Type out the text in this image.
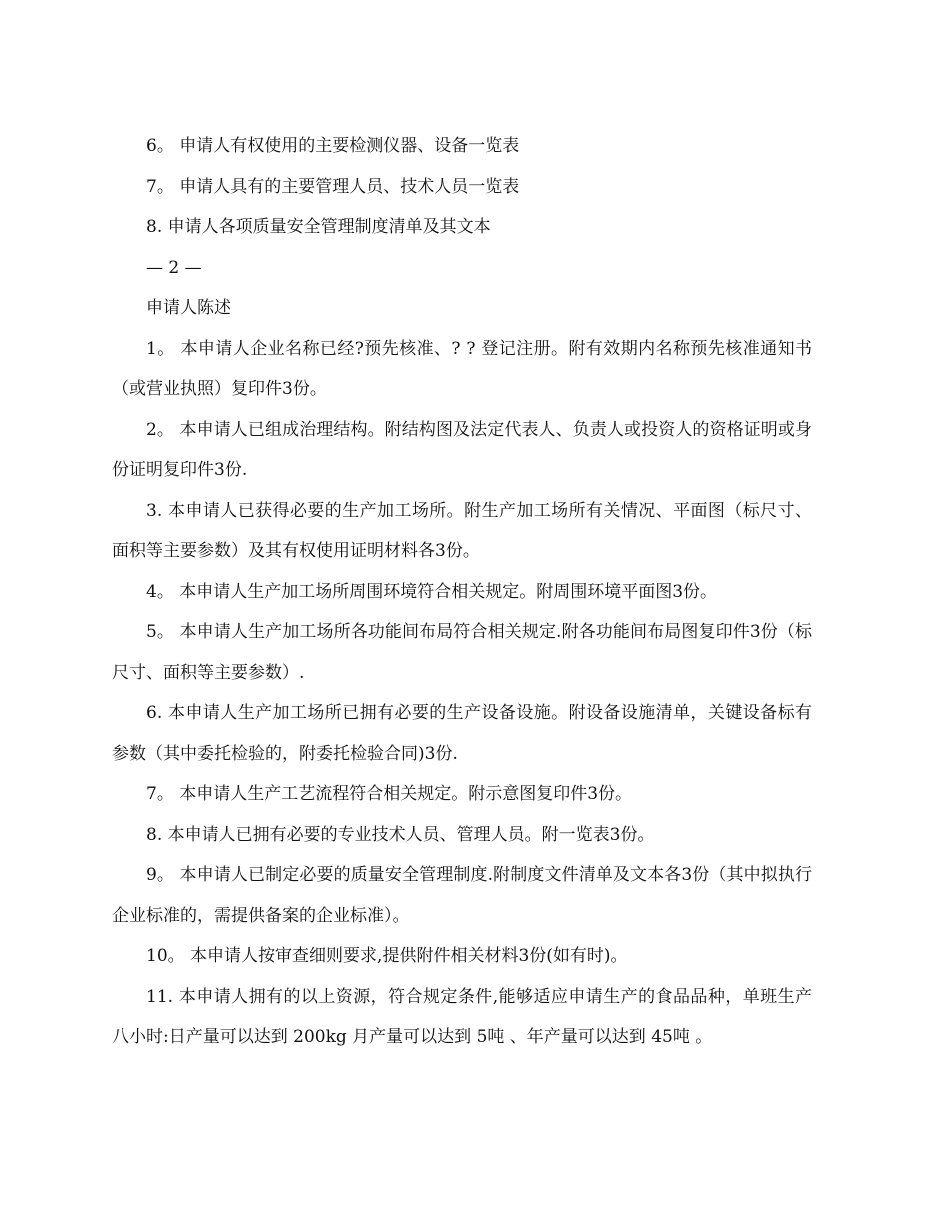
6。 申请人有权使用的主要检测仪器、设备一览表

7。 申请人具有的主要管理人员、技术人员一览表

8. 申请人各项质量安全管理制度清单及其文本

— 2 —

申请人陈述

1。 本申请人企业名称已经?预先核准、? ? 登记注册。附有效期内名称预先核准通知书（或营业执照）复印件3份。

2。 本申请人已组成治理结构。附结构图及法定代表人、负责人或投资人的资格证明或身份证明复印件3份.

3. 本申请人已获得必要的生产加工场所。附生产加工场所有关情况、平面图（标尺寸、面积等主要参数）及其有权使用证明材料各3份。

4。 本申请人生产加工场所周围环境符合相关规定。附周围环境平面图3份。

5。 本申请人生产加工场所各功能间布局符合相关规定.附各功能间布局图复印件3份（标尺寸、面积等主要参数）.

6. 本申请人生产加工场所已拥有必要的生产设备设施。附设备设施清单，关键设备标有参数（其中委托检验的，附委托检验合同)3份.

7。 本申请人生产工艺流程符合相关规定。附示意图复印件3份。

8. 本申请人已拥有必要的专业技术人员、管理人员。附一览表3份。

9。 本申请人已制定必要的质量安全管理制度.附制度文件清单及文本各3份（其中拟执行企业标准的，需提供备案的企业标准）。

10。 本申请人按审查细则要求,提供附件相关材料3份(如有时)。

11. 本申请人拥有的以上资源，符合规定条件,能够适应申请生产的食品品种，单班生产八小时:日产量可以达到 200kg 月产量可以达到 5吨 、年产量可以达到 45吨 。
